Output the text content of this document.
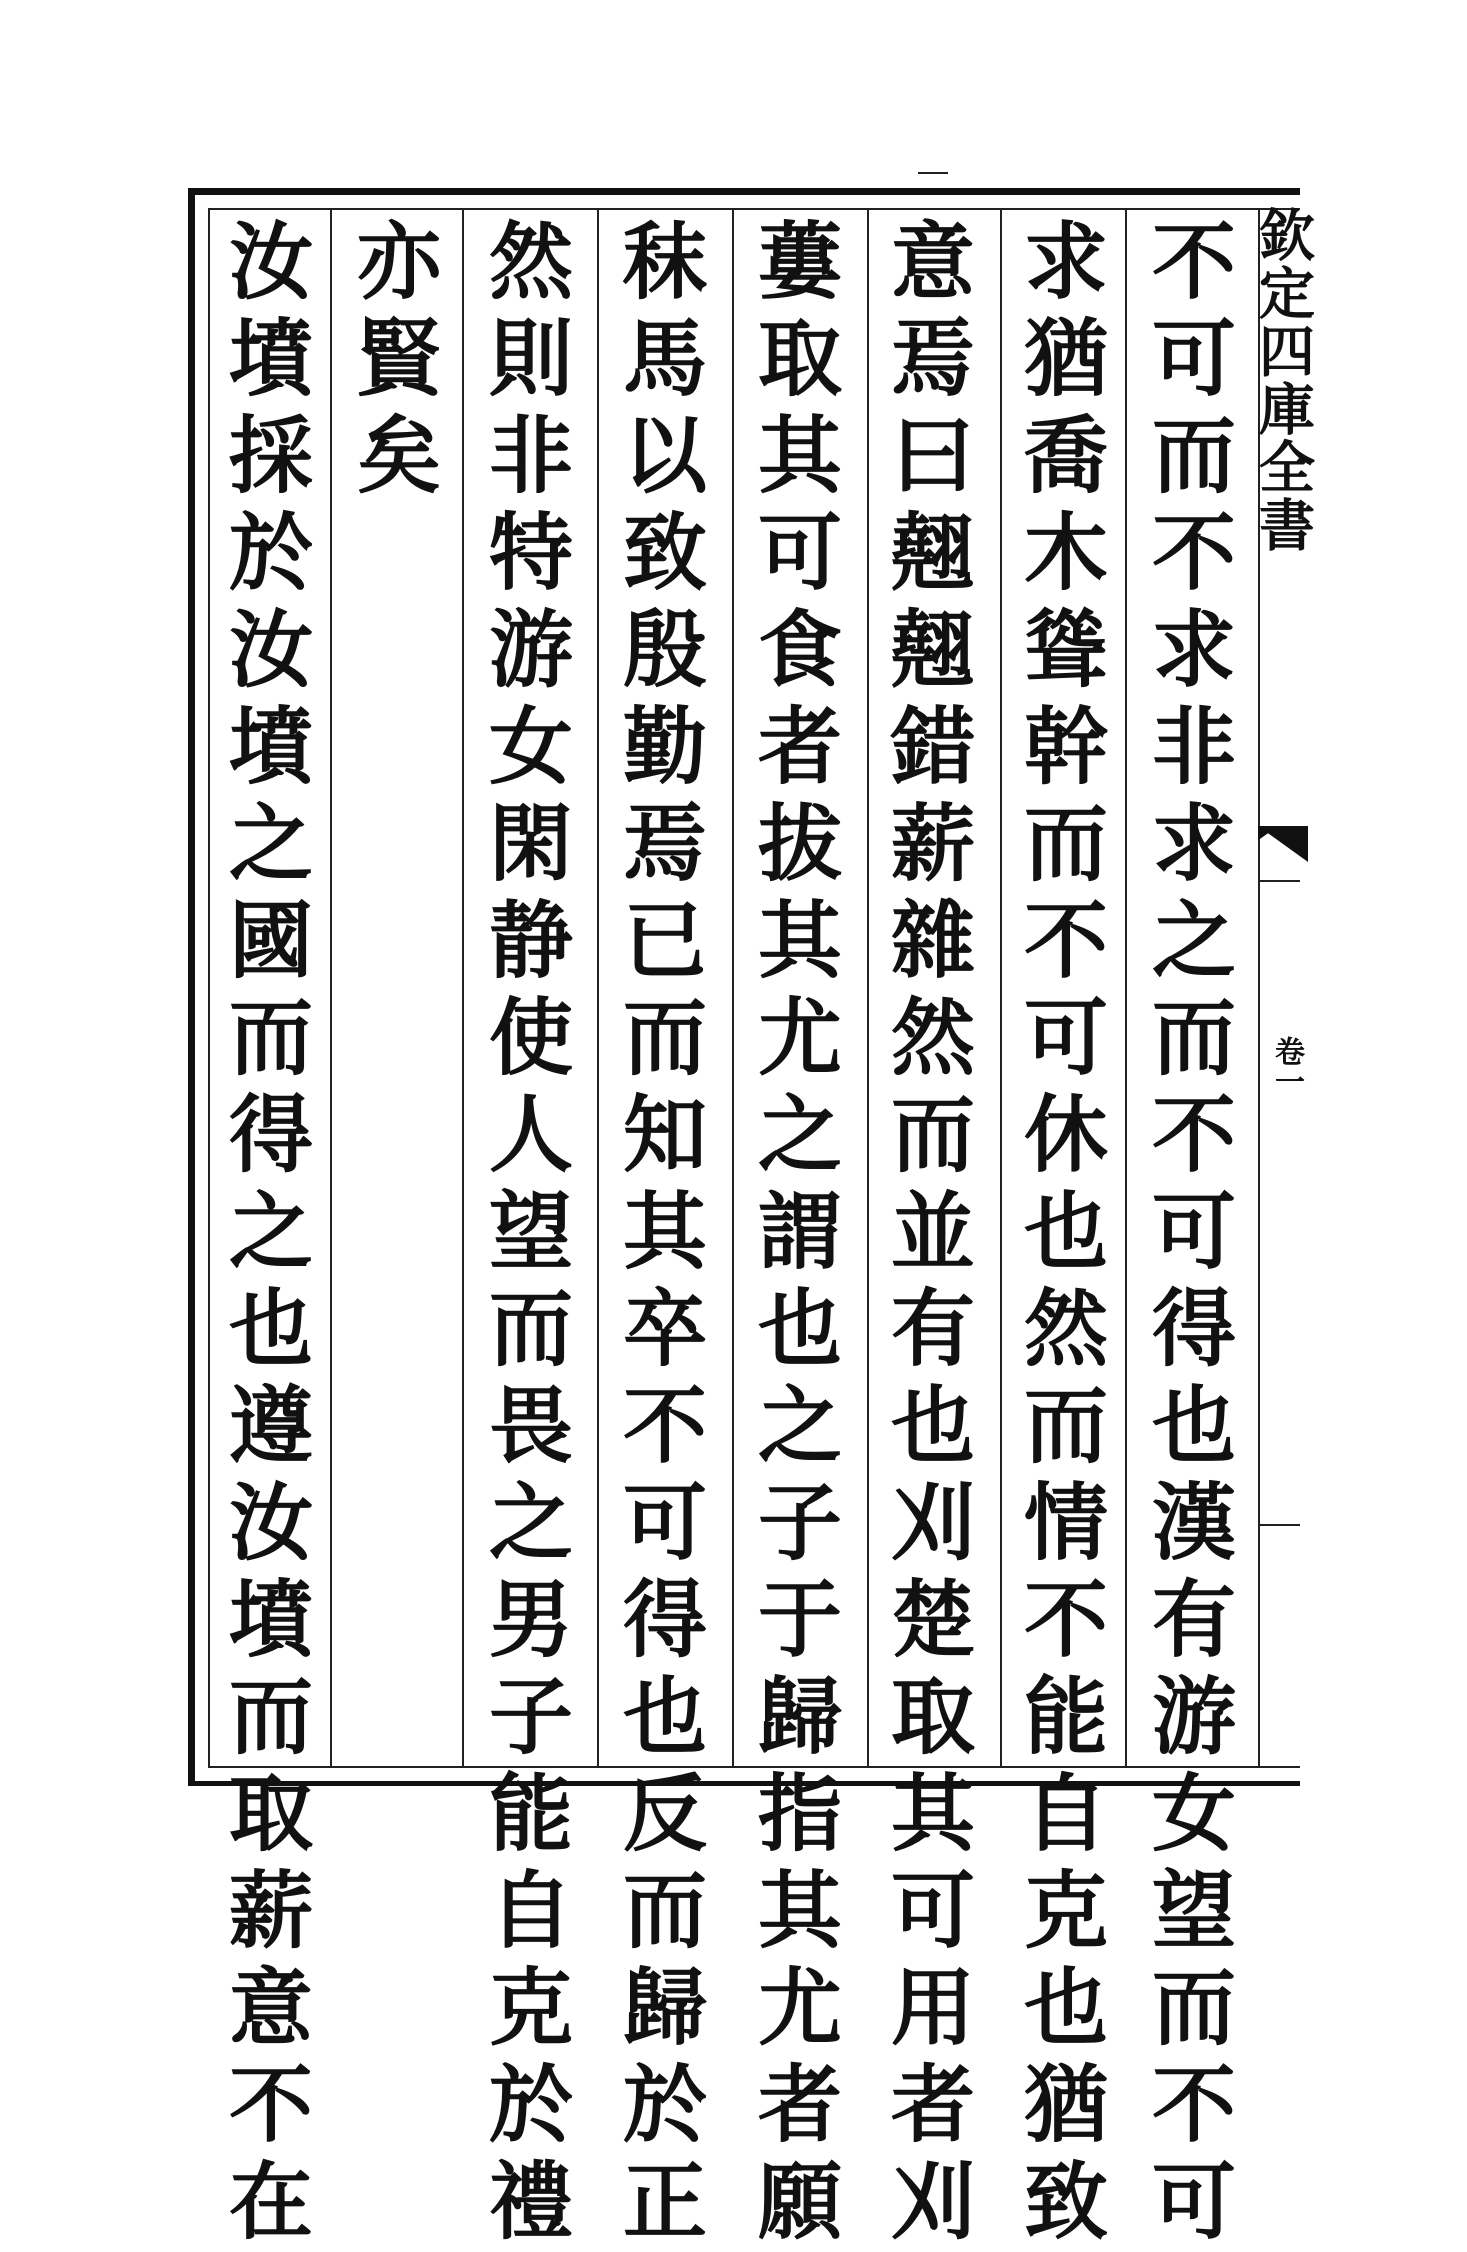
不
可
而
不
求
非
求
之
而
不
可
得
也
漢
有
游
女
望
而
不
可
求
猶
喬
木
聳
幹
而
不
可
休
也
然
而
情
不
能
自
克
也
猶
致
意
焉
曰
翹
翹
錯
薪
雜
然
而
並
有
也
刈
楚
取
其
可
用
者
刈
蔞
取
其
可
食
者
拔
其
尤
之
謂
也
之
子
于
歸
指
其
尤
者
願
秣
馬
以
致
殷
勤
焉
已
而
知
其
卒
不
可
得
也
反
而
歸
於
正
然
則
非
特
游
女
閑
静
使
人
望
而
畏
之
男
子
能
自
克
於
禮
亦
賢
矣
汝
墳
採
於
汝
墳
之
國
而
得
之
也
遵
汝
墳
而
取
薪
意
不
在
欽定四庫全書
卷一
